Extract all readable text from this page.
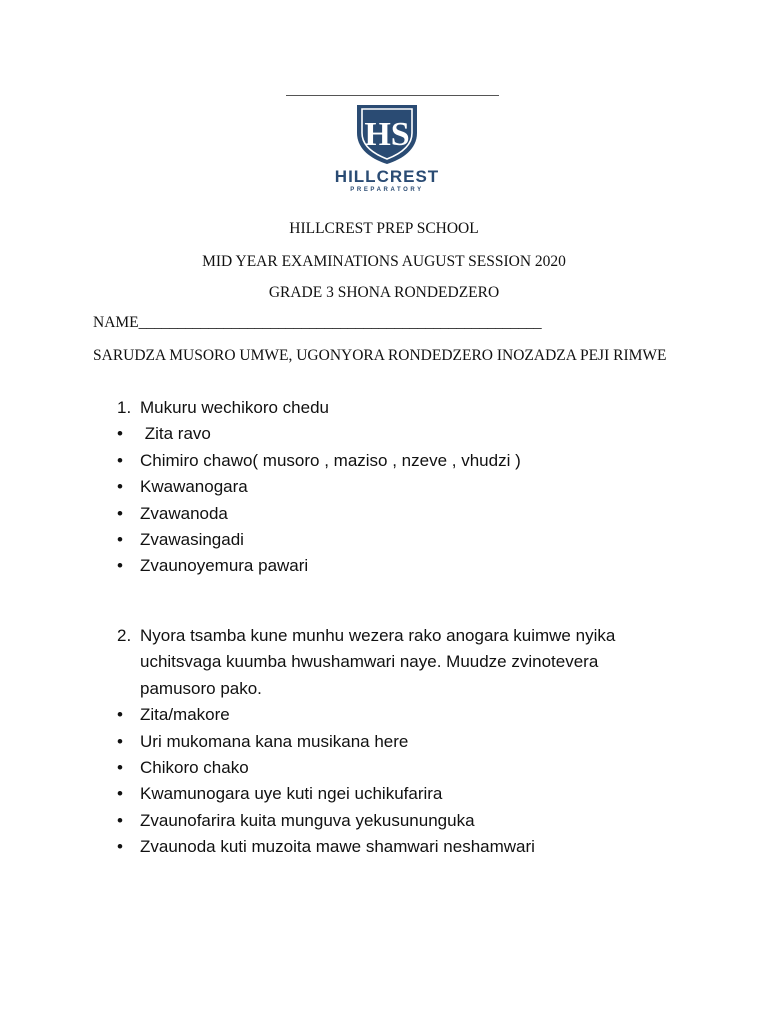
HS
HILLCREST
PREPARATORY
HILLCREST PREP SCHOOL
MID YEAR EXAMINATIONS AUGUST SESSION 2020
GRADE 3 SHONA RONDEDZERO
NAME____________________________________________________
SARUDZA MUSORO UMWE, UGONYORA RONDEDZERO INOZADZA PEJI RIMWE
1. Mukuru wechikoro chedu
• Zita ravo
• Chimiro chawo( musoro , maziso , nzeve , vhudzi )
• Kwawanogara
• Zvawanoda
• Zvawasingadi
• Zvaunoyemura pawari
2. Nyora tsamba kune munhu wezera rako anogara kuimwe nyika uchitsvaga kuumba hwushamwari naye. Muudze zvinotevera pamusoro pako.
• Zita/makore
• Uri mukomana kana musikana here
• Chikoro chako
• Kwamunogara uye kuti ngei uchikufarira
• Zvaunofarira kuita munguva yekusununguka
• Zvaunoda kuti muzoita mawe shamwari neshamwari
